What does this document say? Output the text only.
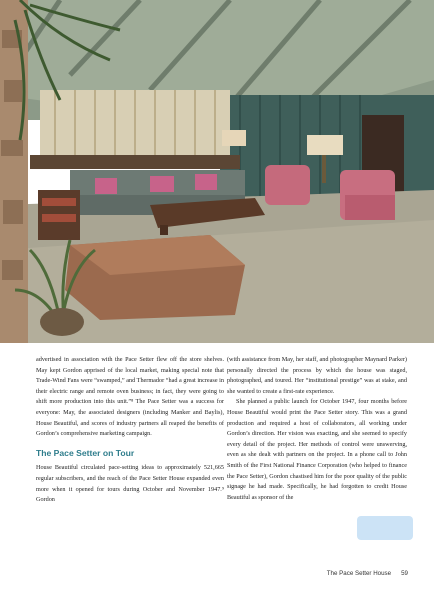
advertised in association with the Pace Setter flew off the store shelves. May kept Gordon apprised of the local market, making special note that Trade-Wind Fans were “swamped,” and Thermador “had a great increase in their electric range and remote oven business; in fact, they were going to shift more production into this unit.”⁸ The Pace Setter was a success for everyone: May, the associated designers (including Manker and Baylis), House Beautiful, and scores of industry partners all reaped the benefits of Gordon’s comprehensive marketing campaign.

The Pace Setter on Tour

House Beautiful circulated pace-setting ideas to approximately 521,665 regular subscribers, and the reach of the Pace Setter House expanded even more when it opened for tours during October and November 1947.⁹ Gordon

(with assistance from May, her staff, and photographer Maynard Parker) personally directed the process by which the house was staged, photographed, and toured. Her “institutional prestige” was at stake, and she wanted to create a first-rate experience.

She planned a public launch for October 1947, four months before House Beautiful would print the Pace Setter story. This was a grand production and required a host of collaborators, all working under Gordon’s direction. Her vision was exacting, and she seemed to specify every detail of the project. Her methods of control were unswerving, even as she dealt with partners on the project. In a phone call to John Smith of the First National Finance Corporation (who helped to finance the Pace Setter), Gordon chastised him for the poor quality of the public signage he had made. Specifically, he had forgotten to credit House Beautiful as sponsor of the

The Pace Setter House 59
